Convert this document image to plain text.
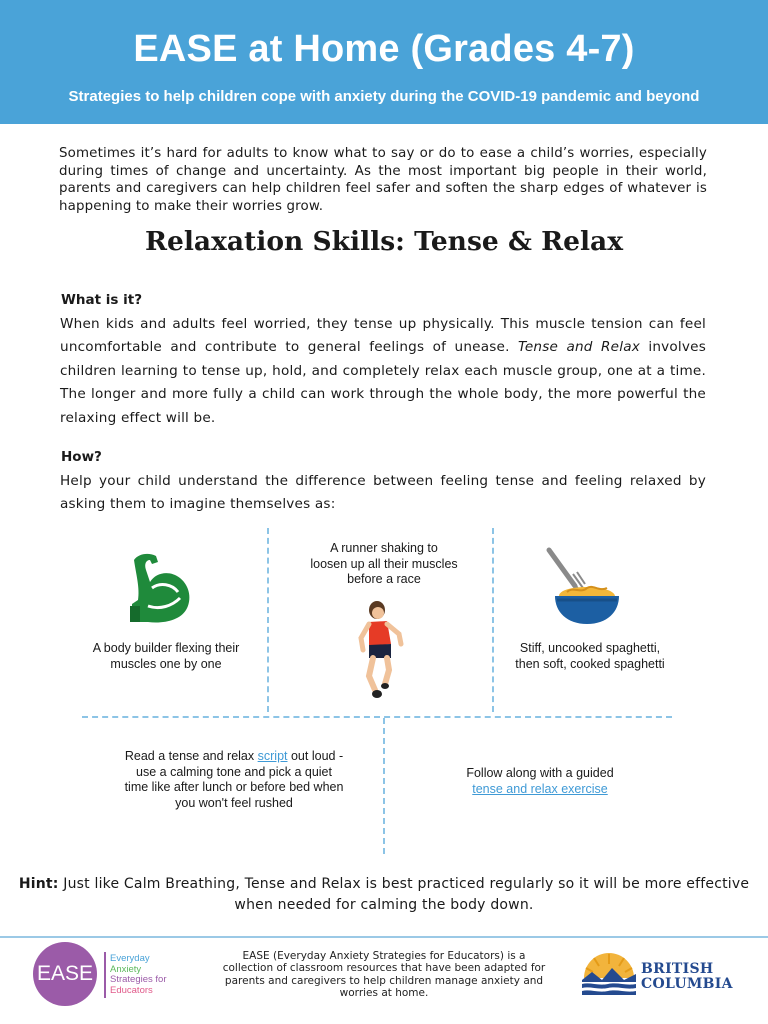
EASE at Home (Grades 4-7)
Strategies to help children cope with anxiety during the COVID-19 pandemic and beyond
Sometimes it’s hard for adults to know what to say or do to ease a child’s worries, especially during times of change and uncertainty. As the most important big people in their world, parents and caregivers can help children feel safer and soften the sharp edges of whatever is happening to make their worries grow.
Relaxation Skills: Tense & Relax
What is it?
When kids and adults feel worried, they tense up physically. This muscle tension can feel uncomfortable and contribute to general feelings of unease. Tense and Relax involves children learning to tense up, hold, and completely relax each muscle group, one at a time. The longer and more fully a child can work through the whole body, the more powerful the relaxing effect will be.
How?
Help your child understand the difference between feeling tense and feeling relaxed by asking them to imagine themselves as:
A body builder flexing their muscles one by one
A runner shaking to loosen up all their muscles before a race
Stiff, uncooked spaghetti, then soft, cooked spaghetti
Read a tense and relax script out loud - use a calming tone and pick a quiet time like after lunch or before bed when you won't feel rushed
Follow along with a guided
tense and relax exercise
Hint: Just like Calm Breathing, Tense and Relax is best practiced regularly so it will be more effective when needed for calming the body down.
EASE
Everyday
Anxiety
Strategies for
Educators
EASE (Everyday Anxiety Strategies for Educators) is a collection of classroom resources that have been adapted for parents and caregivers to help children manage anxiety and worries at home.
BRITISH
COLUMBIA
